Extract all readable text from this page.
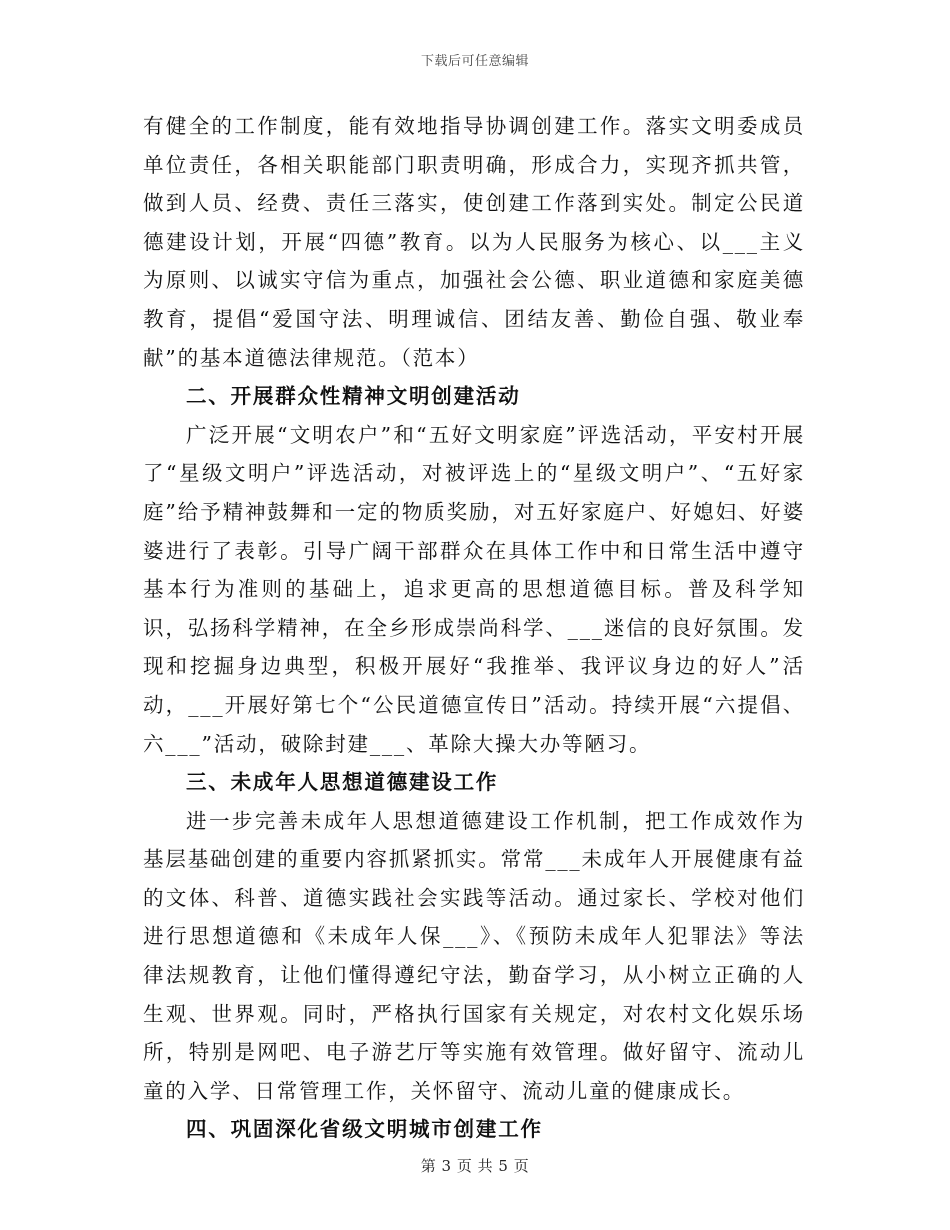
下载后可任意编辑

有健全的工作制度，能有效地指导协调创建工作。落实文明委成员单位责任，各相关职能部门职责明确，形成合力，实现齐抓共管，做到人员、经费、责任三落实，使创建工作落到实处。制定公民道德建设计划，开展“四德”教育。以为人民服务为核心、以___主义为原则、以诚实守信为重点，加强社会公德、职业道德和家庭美德教育，提倡“爱国守法、明理诚信、团结友善、勤俭自强、敬业奉献”的基本道德法律规范。（范本）

二、开展群众性精神文明创建活动

广泛开展“文明农户”和“五好文明家庭”评选活动，平安村开展了“星级文明户”评选活动，对被评选上的“星级文明户”、“五好家庭”给予精神鼓舞和一定的物质奖励，对五好家庭户、好媳妇、好婆婆进行了表彰。引导广阔干部群众在具体工作中和日常生活中遵守基本行为准则的基础上，追求更高的思想道德目标。普及科学知识，弘扬科学精神，在全乡形成崇尚科学、___迷信的良好氛围。发现和挖掘身边典型，积极开展好“我推举、我评议身边的好人”活动，___开展好第七个“公民道德宣传日”活动。持续开展“六提倡、六___”活动，破除封建___、革除大操大办等陋习。

三、未成年人思想道德建设工作

进一步完善未成年人思想道德建设工作机制，把工作成效作为基层基础创建的重要内容抓紧抓实。常常___未成年人开展健康有益的文体、科普、道德实践社会实践等活动。通过家长、学校对他们进行思想道德和《未成年人保___》、《预防未成年人犯罪法》等法律法规教育，让他们懂得遵纪守法，勤奋学习，从小树立正确的人生观、世界观。同时，严格执行国家有关规定，对农村文化娱乐场所，特别是网吧、电子游艺厅等实施有效管理。做好留守、流动儿童的入学、日常管理工作，关怀留守、流动儿童的健康成长。

四、巩固深化省级文明城市创建工作

第 3 页 共 5 页
